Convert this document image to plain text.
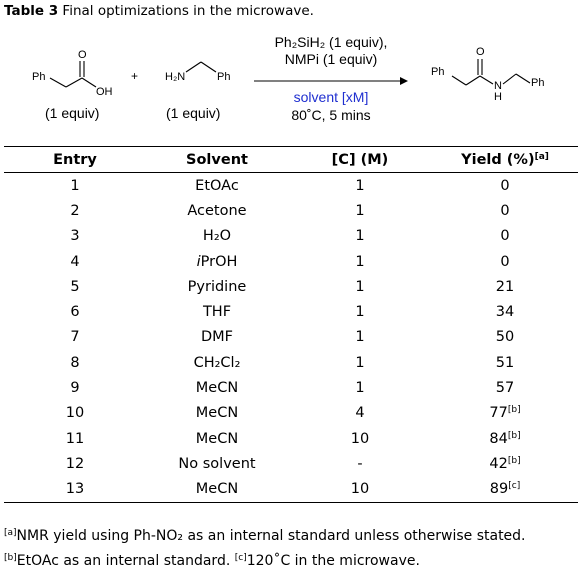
Table 3 Final optimizations in the microwave.
Ph
O
OH
(1 equiv)
+ H₂N	Ph
(1 equiv)
Ph₂SiH₂ (1 equiv),
NMPi (1 equiv)
solvent [xM]
80˚C, 5 mins
Ph
O
N
H
Ph
Entry	Solvent	[C] (M)	Yield (%)[a]
1	EtOAc	1	0
2	Acetone	1	0
3	H₂O	1	0
4	iPrOH	1	0
5	Pyridine	1	21
6	THF	1	34
7	DMF	1	50
8	CH₂Cl₂	1	51
9	MeCN	1	57
10	MeCN	4	77[b]
11	MeCN	10	84[b]
12	No solvent	-	42[b]
13	MeCN	10	89[c]
[a]NMR yield using Ph-NO₂ as an internal standard unless otherwise stated. [b]EtOAc as an internal standard. [c]120˚C in the microwave.
